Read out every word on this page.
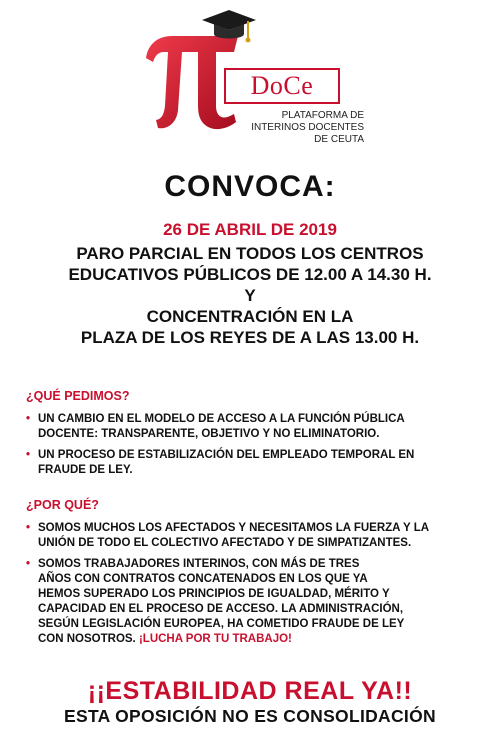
DoCe
PLATAFORMA DE
INTERINOS DOCENTES
DE CEUTA
CONVOCA:
26 DE ABRIL DE 2019
PARO PARCIAL EN TODOS LOS CENTROS
EDUCATIVOS PÚBLICOS DE 12.00 A 14.30 H.
Y
CONCENTRACIÓN EN LA
PLAZA DE LOS REYES DE A LAS 13.00 H.
¿QUÉ PEDIMOS?
• UN CAMBIO EN EL MODELO DE ACCESO A LA FUNCIÓN PÚBLICA
DOCENTE: TRANSPARENTE, OBJETIVO Y NO ELIMINATORIO.
• UN PROCESO DE ESTABILIZACIÓN DEL EMPLEADO TEMPORAL EN
FRAUDE DE LEY.
¿POR QUÉ?
• SOMOS MUCHOS LOS AFECTADOS Y NECESITAMOS LA FUERZA Y LA
UNIÓN DE TODO EL COLECTIVO AFECTADO Y DE SIMPATIZANTES.
• SOMOS TRABAJADORES INTERINOS, CON MÁS DE TRES
AÑOS CON CONTRATOS CONCATENADOS EN LOS QUE YA
HEMOS SUPERADO LOS PRINCIPIOS DE IGUALDAD, MÉRITO Y
CAPACIDAD EN EL PROCESO DE ACCESO. LA ADMINISTRACIÓN,
SEGÚN LEGISLACIÓN EUROPEA, HA COMETIDO FRAUDE DE LEY
CON NOSOTROS. ¡LUCHA POR TU TRABAJO!
¡¡ESTABILIDAD REAL YA!!
ESTA OPOSICIÓN NO ES CONSOLIDACIÓN
